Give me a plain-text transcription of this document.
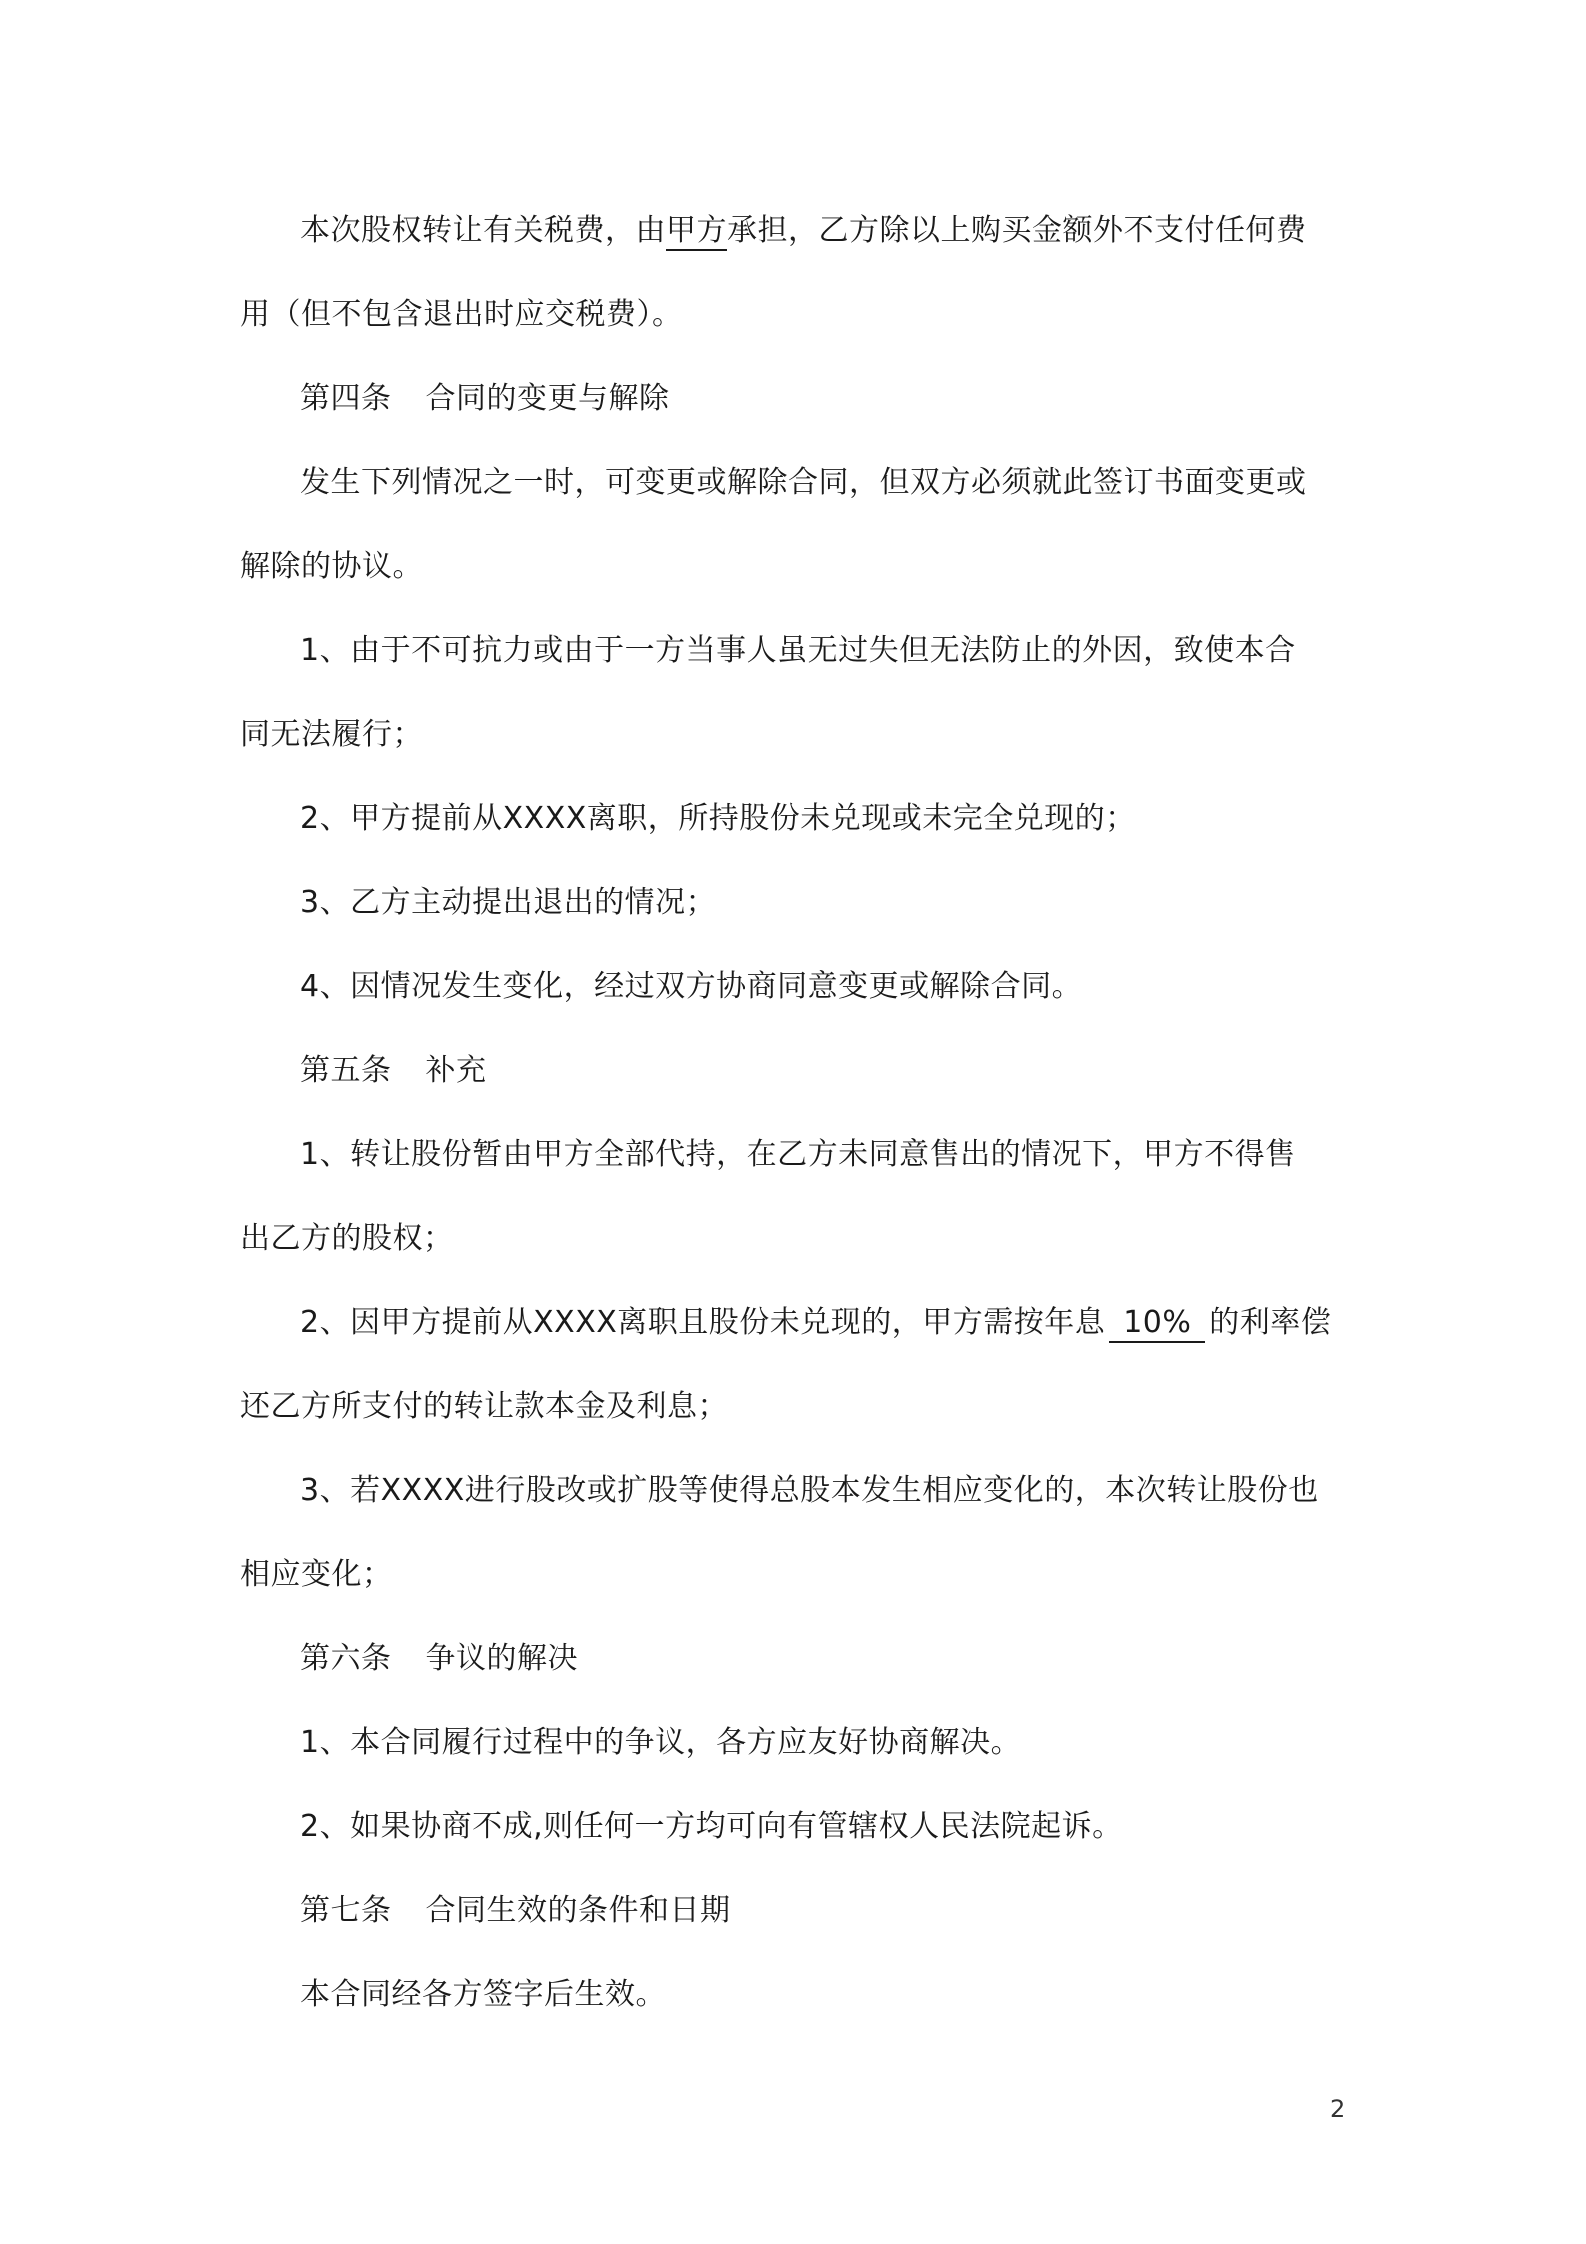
本次股权转让有关税费，由甲方承担，乙方除以上购买金额外不支付任何费

用（但不包含退出时应交税费）。

第四条 合同的变更与解除

发生下列情况之一时，可变更或解除合同，但双方必须就此签订书面变更或

解除的协议。

1、由于不可抗力或由于一方当事人虽无过失但无法防止的外因，致使本合

同无法履行；

2、甲方提前从XXXX离职，所持股份未兑现或未完全兑现的；

3、乙方主动提出退出的情况；

4、因情况发生变化，经过双方协商同意变更或解除合同。

第五条 补充

1、转让股份暂由甲方全部代持，在乙方未同意售出的情况下，甲方不得售

出乙方的股权；

2、因甲方提前从XXXX离职且股份未兑现的，甲方需按年息 10% 的利率偿

还乙方所支付的转让款本金及利息；

3、若XXXX进行股改或扩股等使得总股本发生相应变化的，本次转让股份也

相应变化；

第六条 争议的解决

1、本合同履行过程中的争议，各方应友好协商解决。

2、如果协商不成,则任何一方均可向有管辖权人民法院起诉。

第七条 合同生效的条件和日期

本合同经各方签字后生效。

2
